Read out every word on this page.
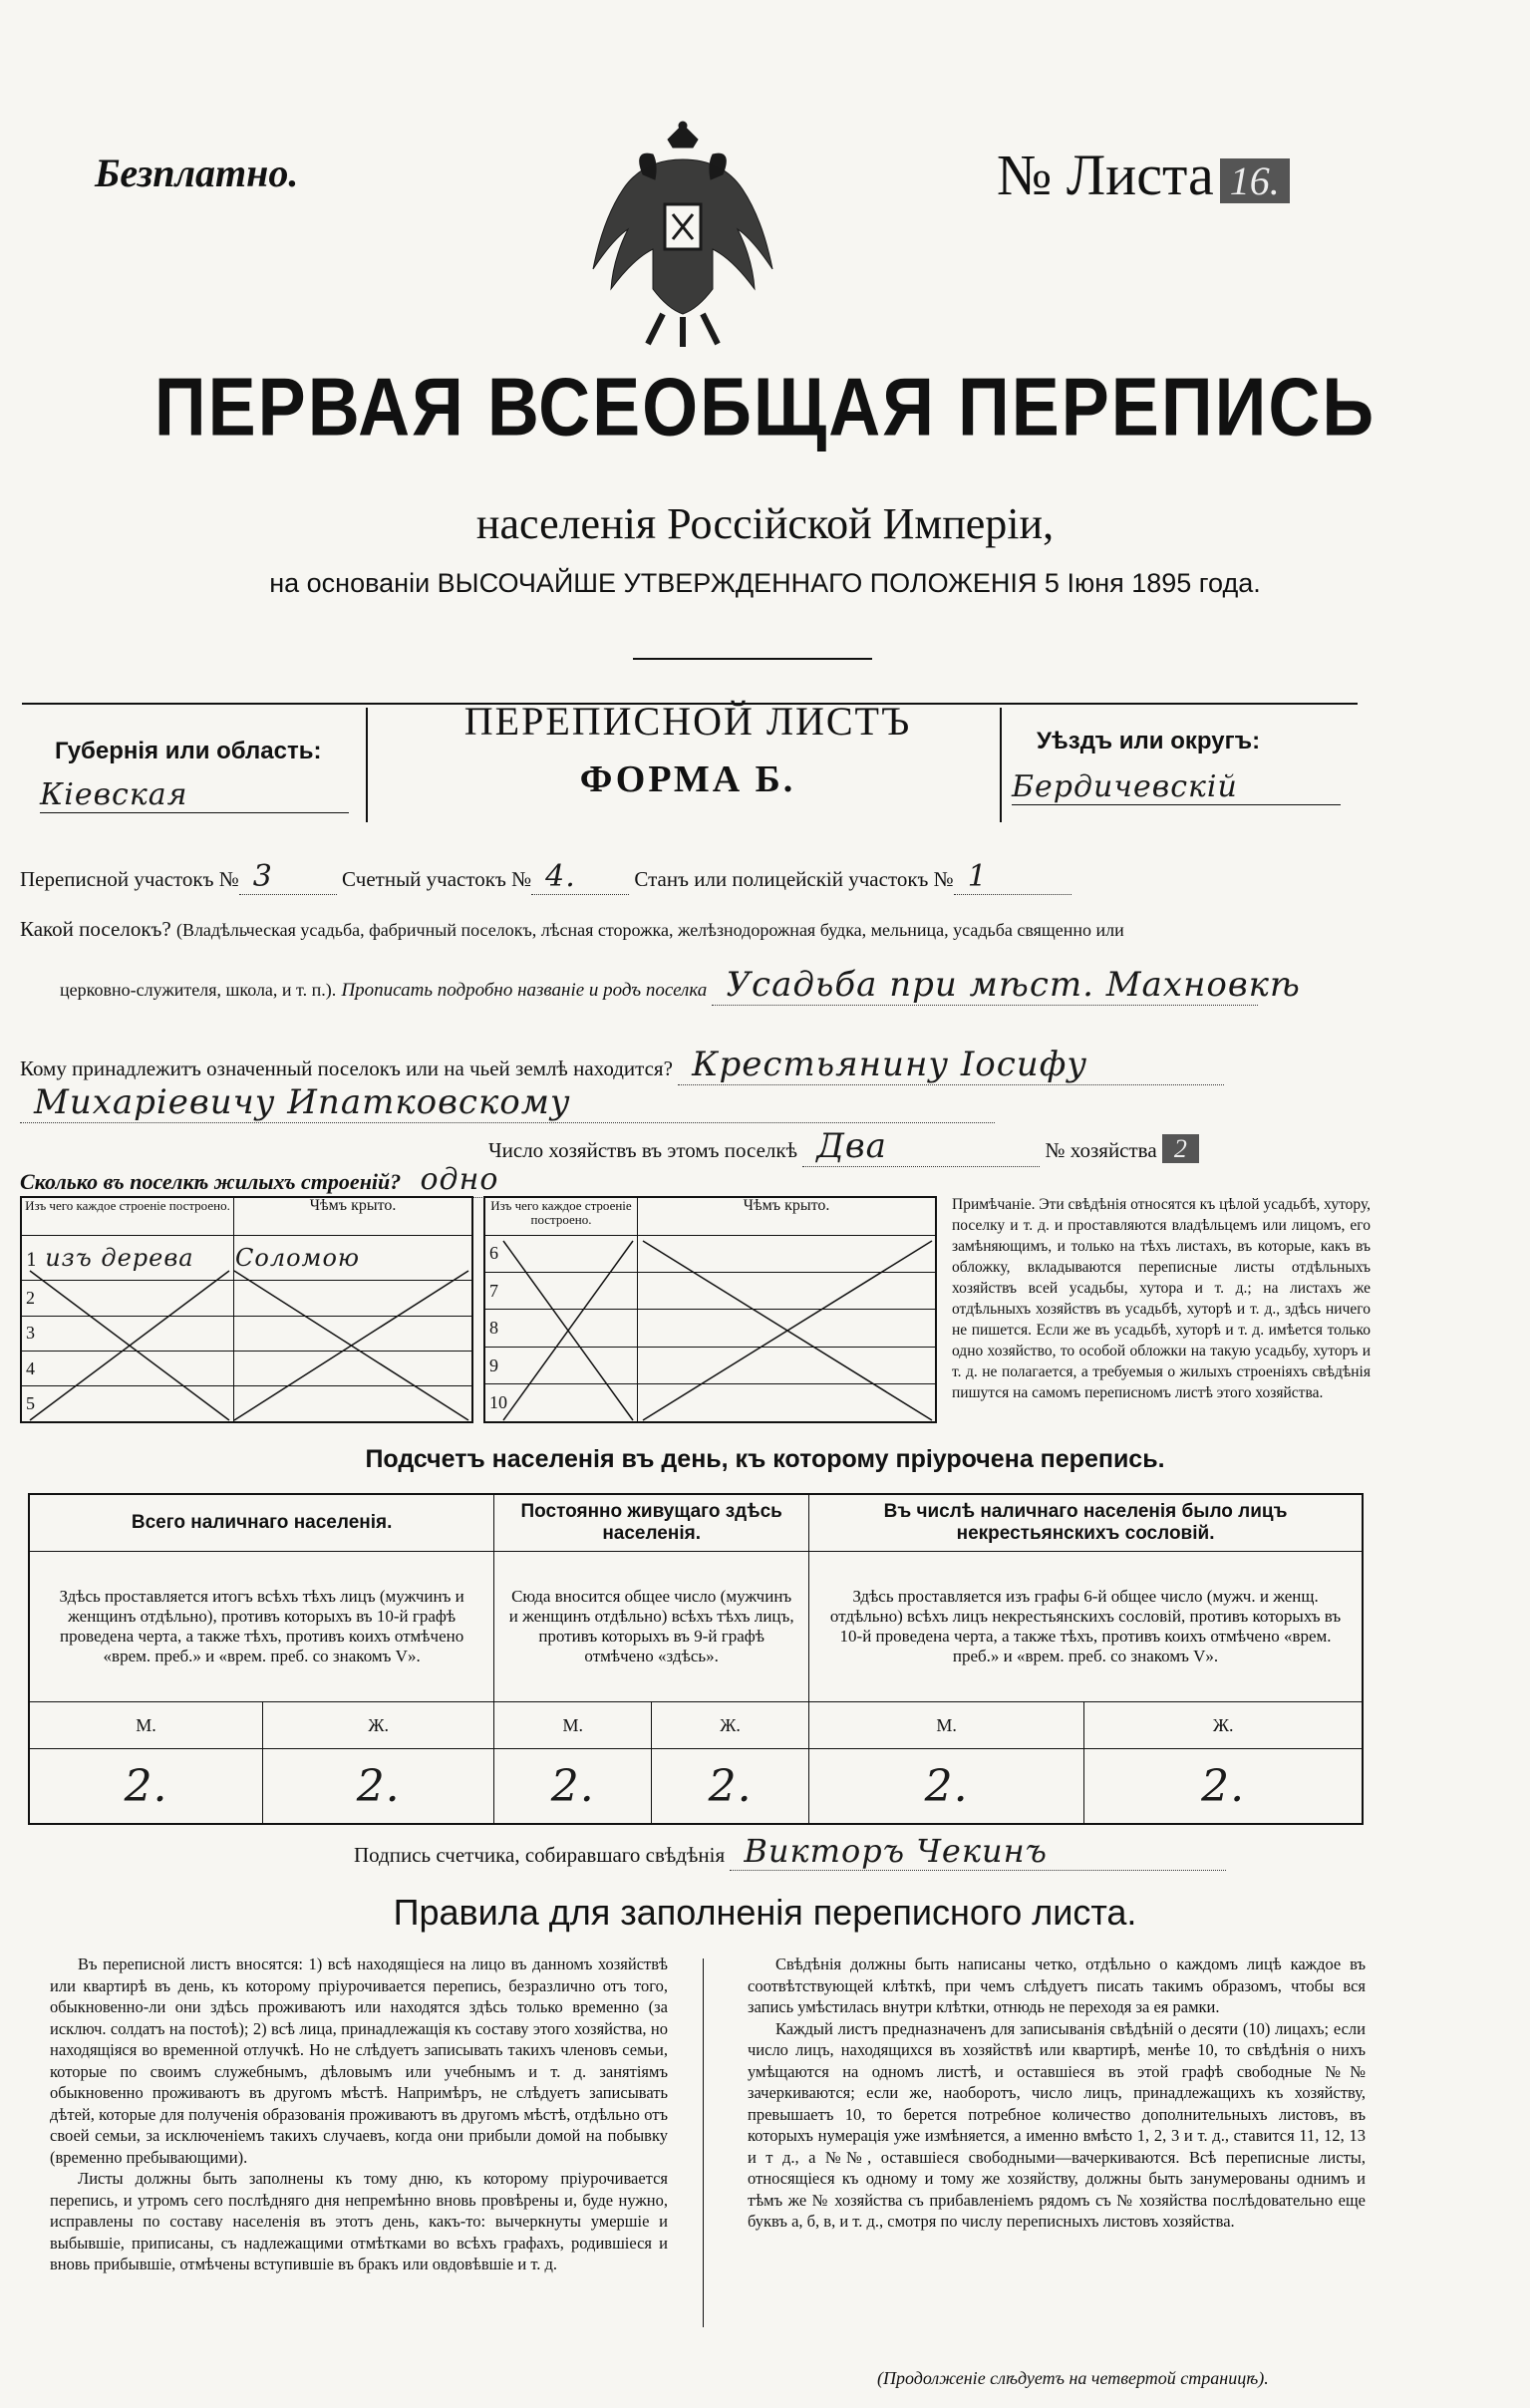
Безплатно.	№ Листа 16.
ПЕРВАЯ ВСЕОБЩАЯ ПЕРЕПИСЬ
населенія Россійской Имперіи,
на основаніи ВЫСОЧАЙШЕ УТВЕРЖДЕННАГО ПОЛОЖЕНІЯ 5 Іюня 1895 года.
Губернія или область:
Кіевская
ПЕРЕПИСНОЙ ЛИСТЪ
ФОРМА Б.
Уѣздъ или округъ:
Бердичевскій
Переписной участокъ № 3	Счетный участокъ № 4.	Станъ или полицейскій участокъ № 1
Какой поселокъ? (Владѣльческая усадьба, фабричный поселокъ, лѣсная сторожка, желѣзнодорожная будка, мельница, усадьба священно или
церковно-служителя, школа, и т. п.). Прописать подробно названіе и родъ поселка Усадьба при мѣст. Махновкѣ
Кому принадлежитъ означенный поселокъ или на чьей землѣ находится? Крестьянину Іосифу
Михаріевичу Ипатковскому
Число хозяйствъ въ этомъ поселкѣ Два	№ хозяйства 2
Сколько въ поселкѣ жилыхъ строеній? одно
Изъ чего каждое строеніе построено.	Чѣмъ крыто.
1 изъ дерева	Соломою
2	
3	
4	
5	
Изъ чего каждое строеніе построено.	Чѣмъ крыто.
6	
7	
8	
9	
10	
Примѣчаніе. Эти свѣдѣнія относятся къ цѣлой усадьбѣ, хутору, поселку и т. д. и проставляются владѣльцемъ или лицомъ, его замѣняющимъ, и только на тѣхъ листахъ, въ которые, какъ въ обложку, вкладываются переписные листы отдѣльныхъ хозяйствъ всей усадьбы, хутора и т. д.; на листахъ же отдѣльныхъ хозяйствъ въ усадьбѣ, хуторѣ и т. д., здѣсь ничего не пишется. Если же въ усадьбѣ, хуторѣ и т. д. имѣется только одно хозяйство, то особой обложки на такую усадьбу, хуторъ и т. д. не полагается, а требуемыя о жилыхъ строеніяхъ свѣдѣнія пишутся на самомъ переписномъ листѣ этого хозяйства.
Подсчетъ населенія въ день, къ которому пріурочена перепись.
Всего наличнаго населенія.		Постоянно живущаго здѣсь населенія.		Въ числѣ наличнаго населенія было лицъ некрестьянскихъ сословій.	
Здѣсь проставляется итогъ всѣхъ тѣхъ лицъ (мужчинъ и женщинъ отдѣльно), противъ которыхъ въ 10-й графѣ проведена черта, а также тѣхъ, противъ коихъ отмѣчено «врем. преб.» и «врем. преб. со знакомъ V».		Сюда вносится общее число (мужчинъ и женщинъ отдѣльно) всѣхъ тѣхъ лицъ, противъ которыхъ въ 9-й графѣ отмѣчено «здѣсь».		Здѣсь проставляется изъ графы 6-й общее число (мужч. и женщ. отдѣльно) всѣхъ лицъ некрестьянскихъ сословій, противъ которыхъ въ 10-й проведена черта, а также тѣхъ, противъ коихъ отмѣчено «врем. преб.» и «врем. преб. со знакомъ V».	
М.	Ж.	М.	Ж.	М.	Ж.
2.	2.	2.	2.	2.	2.
Подпись счетчика, собиравшаго свѣдѣнія Викторъ Чекинъ
Правила для заполненія переписного листа.

Въ переписной листъ вносятся: 1) всѣ находящіеся на лицо въ данномъ хозяйствѣ или квартирѣ въ день, къ которому пріурочивается перепись, безразлично отъ того, обыкновенно-ли они здѣсь проживаютъ или находятся здѣсь только временно (за исключ. солдатъ на постоѣ); 2) всѣ лица, принадлежащія къ составу этого хозяйства, но находящіяся во временной отлучкѣ. Но не слѣдуетъ записывать такихъ членовъ семьи, которые по своимъ служебнымъ, дѣловымъ или учебнымъ и т. д. занятіямъ обыкновенно проживаютъ въ другомъ мѣстѣ. Напримѣръ, не слѣдуетъ записывать дѣтей, которые для полученія образованія проживаютъ въ другомъ мѣстѣ, отдѣльно отъ своей семьи, за исключеніемъ такихъ случаевъ, когда они прибыли домой на побывку (временно пребывающими).

Листы должны быть заполнены къ тому дню, къ которому пріурочивается перепись, и утромъ сего послѣдняго дня непремѣнно вновь провѣрены и, буде нужно, исправлены по составу населенія въ этотъ день, какъ-то: вычеркнуты умершіе и выбывшіе, приписаны, съ надлежащими отмѣтками во всѣхъ графахъ, родившіеся и вновь прибывшіе, отмѣчены вступившіе въ бракъ или овдовѣвшіе и т. д.

Свѣдѣнія должны быть написаны четко, отдѣльно о каждомъ лицѣ каждое въ соотвѣтствующей клѣткѣ, при чемъ слѣдуетъ писать такимъ образомъ, чтобы вся запись умѣстилась внутри клѣтки, отнюдь не переходя за ея рамки.

Каждый листъ предназначенъ для записыванія свѣдѣній о десяти (10) лицахъ; если число лицъ, находящихся въ хозяйствѣ или квартирѣ, менѣе 10, то свѣдѣнія о нихъ умѣщаются на одномъ листѣ, и оставшіеся въ этой графѣ свободные №№ зачеркиваются; если же, наоборотъ, число лицъ, принадлежащихъ къ хозяйству, превышаетъ 10, то берется потребное количество дополнительныхъ листовъ, въ которыхъ нумерація уже измѣняется, а именно вмѣсто 1, 2, 3 и т. д., ставится 11, 12, 13 и т д., а №№, оставшіеся свободными—вачеркиваются. Всѣ переписные листы, относящіеся къ одному и тому же хозяйству, должны быть занумерованы однимъ и тѣмъ же № хозяйства съ прибавленіемъ рядомъ съ № хозяйства послѣдовательно еще буквъ а, б, в, и т. д., смотря по числу переписныхъ листовъ хозяйства.

(Продолженіе слѣдуетъ на четвертой страницѣ).
